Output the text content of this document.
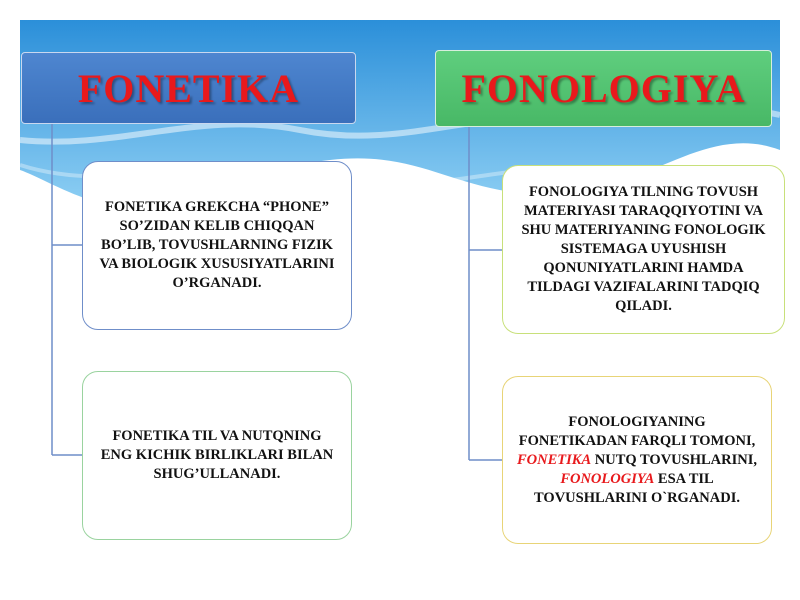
FONETIKA	FONOLOGIYA
FONETIKA GREKCHA “PHONE” SO’ZIDAN KELIB CHIQQAN BO’LIB, TOVUSHLARNING FIZIK VA BIOLOGIK XUSUSIYATLARINI O’RGANADI.
FONETIKA TIL VA NUTQNING ENG KICHIK BIRLIKLARI BILAN SHUG’ULLANADI.
FONOLOGIYA TILNING TOVUSH MATERIYASI TARAQQIYOTINI VA SHU MATERIYANING FONOLOGIK SISTEMAGA UYUSHISH QONUNIYATLARINI HAMDA TILDAGI VAZIFALARINI TADQIQ QILADI.
FONOLOGIYANING FONETIKADAN FARQLI TOMONI, FONETIKA NUTQ TOVUSHLARINI, FONOLOGIYA ESA TIL TOVUSHLARINI O`RGANADI.
